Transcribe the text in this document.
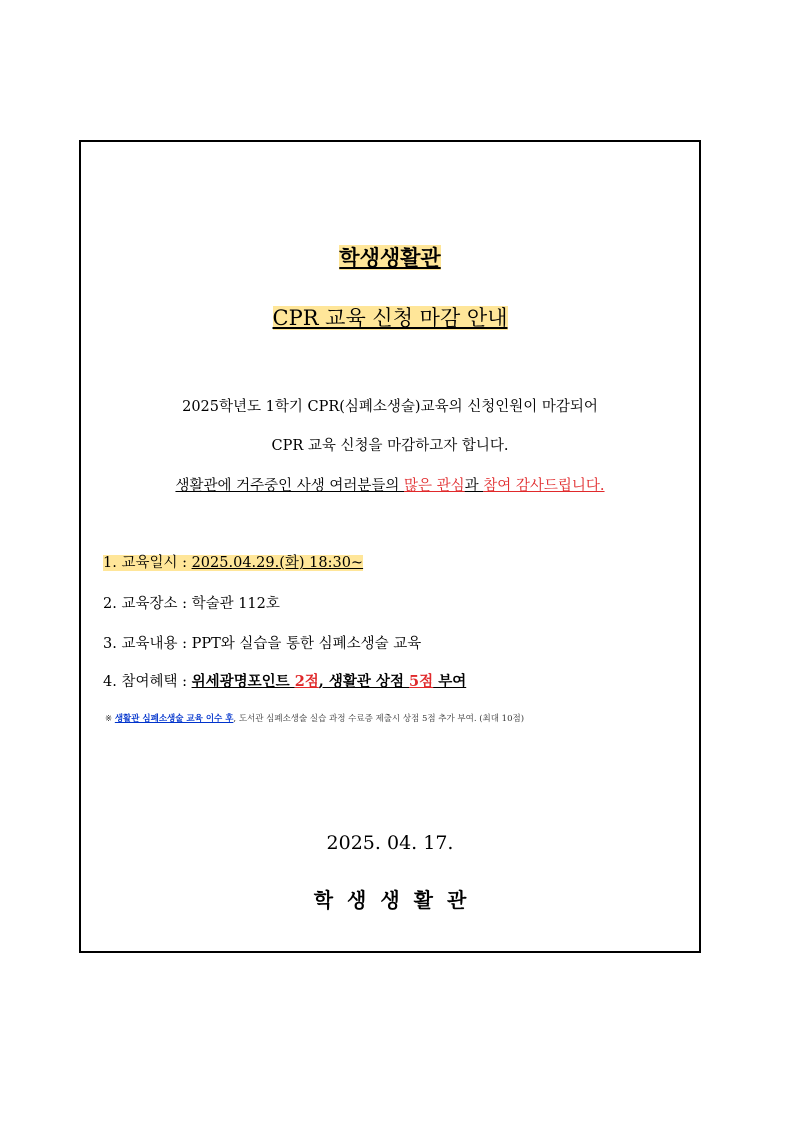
학생생활관
CPR 교육 신청 마감 안내
2025학년도 1학기 CPR(심폐소생술)교육의 신청인원이 마감되어
CPR 교육 신청을 마감하고자 합니다.
생활관에 거주중인 사생 여러분들의 많은 관심과 참여 감사드립니다.
1. 교육일시 : 2025.04.29.(화) 18:30~
2. 교육장소 : 학술관 112호
3. 교육내용 : PPT와 실습을 통한 심폐소생술 교육
4. 참여혜택 : 위세광명포인트 2점, 생활관 상점 5점 부여
※ 생활관 심폐소생술 교육 이수 후, 도서관 심폐소생술 실습 과정 수료증 제출시 상점 5점 추가 부여. (최대 10점)
2025. 04. 17.
학생생활관
